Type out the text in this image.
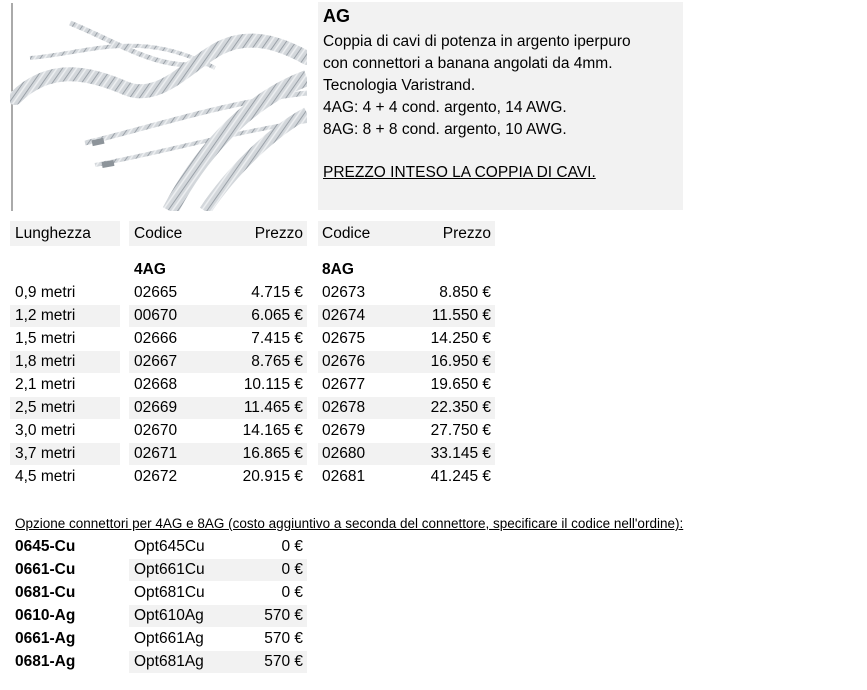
AG
Coppia di cavi di potenza in argento iperpuro
con connettori a banana angolati da 4mm.
Tecnologia Varistrand.
4AG: 4 + 4 cond. argento, 14 AWG.
8AG: 8 + 8 cond. argento, 10 AWG.
PREZZO INTESO LA COPPIA DI CAVI.
Lunghezza	Codice	Prezzo Codice	Prezzo
4AG	8AG
0,9 metri	02665	4.715 € 02673	8.850 €
1,2 metri	00670	6.065 € 02674	11.550 €
1,5 metri	02666	7.415 € 02675	14.250 €
1,8 metri	02667	8.765 € 02676	16.950 €
2,1 metri	02668	10.115 € 02677	19.650 €
2,5 metri	02669	11.465 € 02678	22.350 €
3,0 metri	02670	14.165 € 02679	27.750 €
3,7 metri	02671	16.865 € 02680	33.145 €
4,5 metri	02672	20.915 € 02681	41.245 €
Opzione connettori per 4AG e 8AG (costo aggiuntivo a seconda del connettore, specificare il codice nell'ordine):
0645-Cu	Opt645Cu	0 €
0661-Cu	Opt661Cu	0 €
0681-Cu	Opt681Cu	0 €
0610-Ag	Opt610Ag	570 €
0661-Ag	Opt661Ag	570 €
0681-Ag	Opt681Ag	570 €
